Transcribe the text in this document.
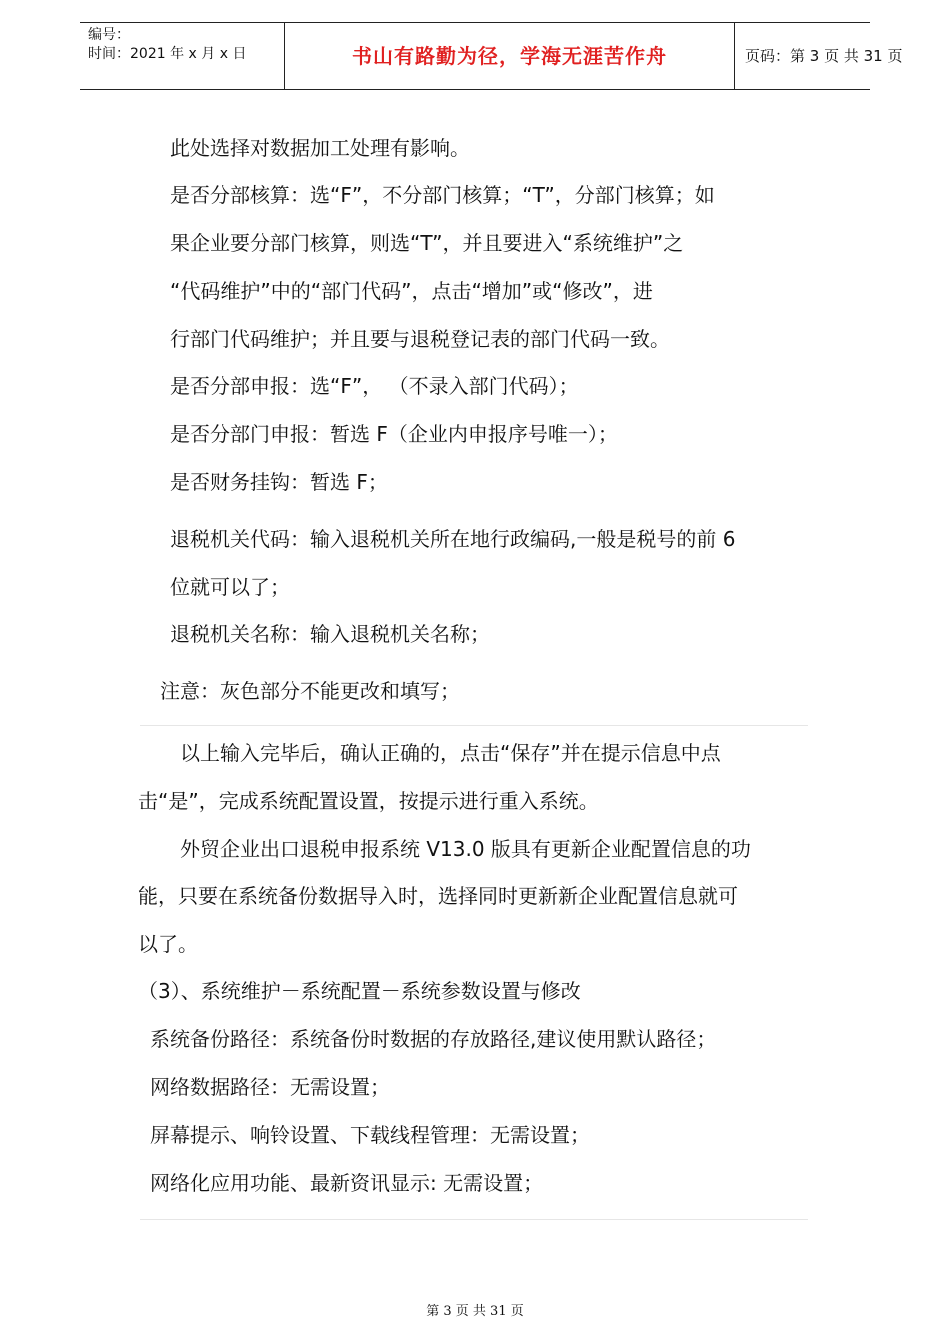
编号：
时间：2021 年 x 月 x 日	书山有路勤为径，学海无涯苦作舟	页码：第 3 页 共 31 页
此处选择对数据加工处理有影响。
是否分部核算：选“F”，不分部门核算；“T”，分部门核算；如
果企业要分部门核算，则选“T”，并且要进入“系统维护”之
“代码维护”中的“部门代码”，点击“增加”或“修改”，进
行部门代码维护；并且要与退税登记表的部门代码一致。
是否分部申报：选“F”， （不录入部门代码）；
是否分部门申报：暂选 F（企业内申报序号唯一）；
是否财务挂钩：暂选 F；
退税机关代码：输入退税机关所在地行政编码,一般是税号的前 6
位就可以了；
退税机关名称：输入退税机关名称；
注意：灰色部分不能更改和填写；
以上输入完毕后，确认正确的，点击“保存”并在提示信息中点
击“是”，完成系统配置设置，按提示进行重入系统。
外贸企业出口退税申报系统 V13.0 版具有更新企业配置信息的功
能，只要在系统备份数据导入时，选择同时更新新企业配置信息就可
以了。
（3）、系统维护－系统配置－系统参数设置与修改
系统备份路径：系统备份时数据的存放路径,建议使用默认路径；
网络数据路径：无需设置；
屏幕提示、响铃设置、下载线程管理：无需设置；
网络化应用功能、最新资讯显示: 无需设置；
第 3 页 共 31 页
